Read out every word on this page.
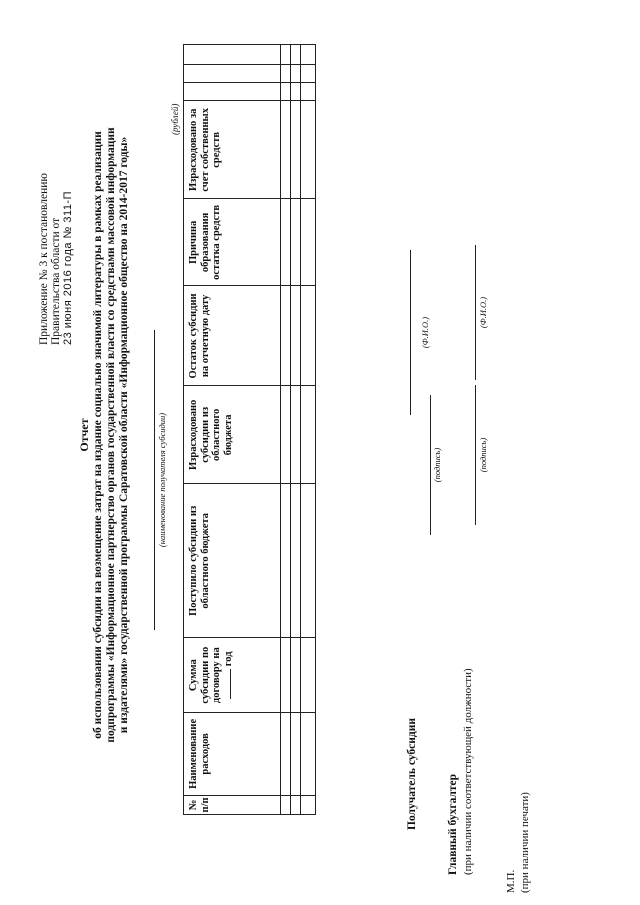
Приложение № 3 к постановлению Правительства области от 23 июня 2016 года № 311-П
Отчет об использовании субсидии на возмещение затрат на издание социально значимой литературы в рамках реализации подпрограммы «Информационное партнерство органов государственной власти со средствами массовой информации и издателями» государственной программы Саратовской области «Информационное общество на 2014-2017 годы»	(наименование получателя субсидии)
(рублей)
№ п/п	Наименование расходов	Сумма субсидии по договору на  год	Поступило субсидии из областного бюджета	Израсходовано субсидии из областного бюджета	Остаток субсидии на отчетную дату	Причина образования остатка средств	Израсходовано за счет собственных средств			

Получатель субсидии
(подпись)
(Ф.И.О.)
Главный бухгалтер (при наличии соответствующей должности)
(подпись)
(Ф.И.О.)
М.П. (при наличии печати)
